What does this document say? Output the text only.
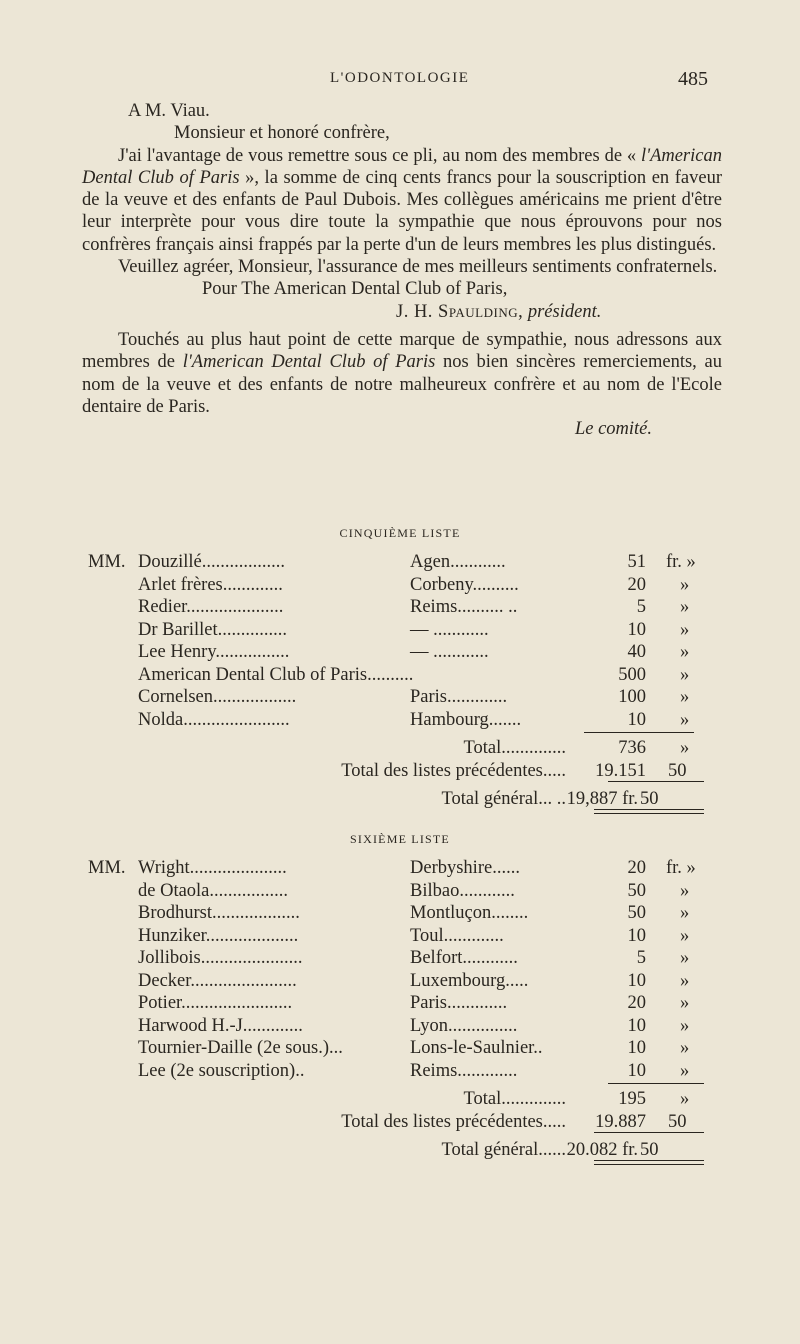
L'ODONTOLOGIE	485

A M. Viau.

Monsieur et honoré confrère,

J'ai l'avantage de vous remettre sous ce pli, au nom des membres de « l'American Dental Club of Paris », la somme de cinq cents francs pour la souscription en faveur de la veuve et des enfants de Paul Dubois. Mes collègues américains me prient d'être leur interprète pour vous dire toute la sympathie que nous éprouvons pour nos confrères français ainsi frappés par la perte d'un de leurs membres les plus distingués.

Veuillez agréer, Monsieur, l'assurance de mes meilleurs sentiments confraternels.

Pour The American Dental Club of Paris,

J. H. Spaulding, président.

Touchés au plus haut point de cette marque de sympathie, nous adressons aux membres de l'American Dental Club of Paris nos bien sincères remerciements, au nom de la veuve et des enfants de notre malheureux confrère et au nom de l'Ecole dentaire de Paris.

Le comité.

CINQUIÈME LISTE
MM. Douzillé..................	Agen............	51 fr. »
Arlet frères.............	Corbeny..........	20 »
Redier.....................	Reims.......... ..	5 »
Dr Barillet...............	— ............	10 »
Lee Henry................	— ............	40 »
American Dental Club of Paris..........	500 »
Cornelsen..................	Paris.............	100 »
Nolda.......................	Hambourg.......	10 »
Total..............	736 »
Total des listes précédentes..... 19.151 50
Total général... .. 19,887 fr. 50
SIXIÈME LISTE
MM. Wright.....................	Derbyshire......	20 fr. »
de Otaola.................	Bilbao............	50 »
Brodhurst...................	Montluçon........	50 »
Hunziker....................	Toul.............	10 »
Jollibois......................	Belfort............	5 »
Decker.......................	Luxembourg.....	10 »
Potier........................	Paris.............	20 »
Harwood H.-J.............	Lyon...............	10 »
Tournier-Daille (2e sous.)...	Lons-le-Saulnier..	10 »
Lee (2e souscription)..	Reims.............	10 »
Total..............	195 »
Total des listes précédentes..... 19.887 50
Total général...... 20.082 fr. 50
